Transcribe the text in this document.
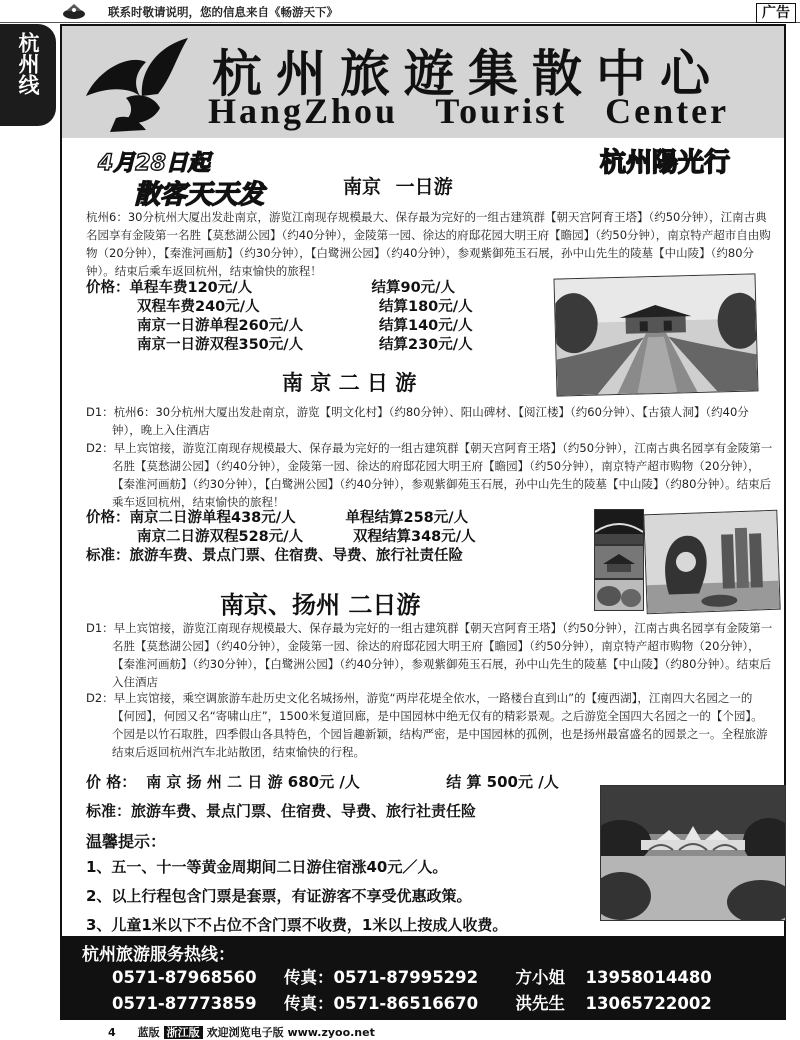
联系时敬请说明，您的信息来自《畅游天下》	广告
杭州线	杭州旅遊集散中心
HangZhou Tourist Center
4月28日起
散客天天发
杭州陽光行
南京 一日游
杭州6：30分杭州大厦出发赴南京，游览江南现存规模最大、保存最为完好的一组古建筑群【朝天宫阿育王塔】（约50分钟），江南古典名园享有金陵第一名胜【莫愁湖公园】（约40分钟），金陵第一园、徐达的府邸花园大明王府【瞻园】（约50分钟），南京特产超市自由购物（20分钟），【秦淮河画舫】（约30分钟），【白鹭洲公园】（约40分钟），参观紫御苑玉石展，孙中山先生的陵墓【中山陵】（约80分钟）。结束后乘车返回杭州，结束愉快的旅程！
价格：单程车费120元/人	结算90元/人
双程车费240元/人	结算180元/人
南京一日游单程260元/人	结算140元/人
南京一日游双程350元/人	结算230元/人
南 京 二 日 游
D1：杭州6：30分杭州大厦出发赴南京，游览【明文化村】（约80分钟）、阳山碑材、【阅江楼】（约60分钟）、【古猿人洞】（约40分钟），晚上入住酒店
D2：早上宾馆接，游览江南现存规模最大、保存最为完好的一组古建筑群【朝天宫阿育王塔】（约50分钟），江南古典名园享有金陵第一名胜【莫愁湖公园】（约40分钟），金陵第一园、徐达的府邸花园大明王府【瞻园】（约50分钟），南京特产超市购物（20分钟），【秦淮河画舫】（约30分钟），【白鹭洲公园】（约40分钟），参观紫御苑玉石展，孙中山先生的陵墓【中山陵】（约80分钟）。结束后乘车返回杭州，结束愉快的旅程！
价格：南京二日游单程438元/人	单程结算258元/人
南京二日游双程528元/人	双程结算348元/人
标准：旅游车费、景点门票、住宿费、导费、旅行社责任险
南京、扬州 二日游
D1：早上宾馆接，游览江南现存规模最大、保存最为完好的一组古建筑群【朝天宫阿育王塔】（约50分钟），江南古典名园享有金陵第一名胜【莫愁湖公园】（约40分钟），金陵第一园、徐达的府邸花园大明王府【瞻园】（约50分钟），南京特产超市购物（20分钟），【秦淮河画舫】（约30分钟），【白鹭洲公园】（约40分钟），参观紫御苑玉石展，孙中山先生的陵墓【中山陵】（约80分钟）。结束后入住酒店
D2：早上宾馆接，乘空调旅游车赴历史文化名城扬州，游览“两岸花堤全依水，一路楼台直到山”的【瘦西湖】，江南四大名园之一的【何园】，何园又名“寄啸山庄”，1500米复道回廊，是中国园林中绝无仅有的精彩景观。之后游览全国四大名园之一的【个园】。个园是以竹石取胜，四季假山各具特色，个园旨趣新颖，结构严密，是中国园林的孤例，也是扬州最富盛名的园景之一。全程旅游结束后返回杭州汽车北站散团，结束愉快的行程。
价 格： 南 京 扬 州 二 日 游 680元 /人	结 算 500元 /人
标准：旅游车费、景点门票、住宿费、导费、旅行社责任险
温馨提示：
1、五一、十一等黄金周期间二日游住宿涨40元／人。
2、以上行程包含门票是套票，有证游客不享受优惠政策。
3、儿童1米以下不占位不含门票不收费，1米以上按成人收费。
杭州旅游服务热线：
0571-87968560 传真：0571-87995292 方小姐 13958014480
0571-87773859 传真：0571-86516670 洪先生 13065722002
4 蓝版 浙江版 欢迎浏览电子版 www.zyoo.net
